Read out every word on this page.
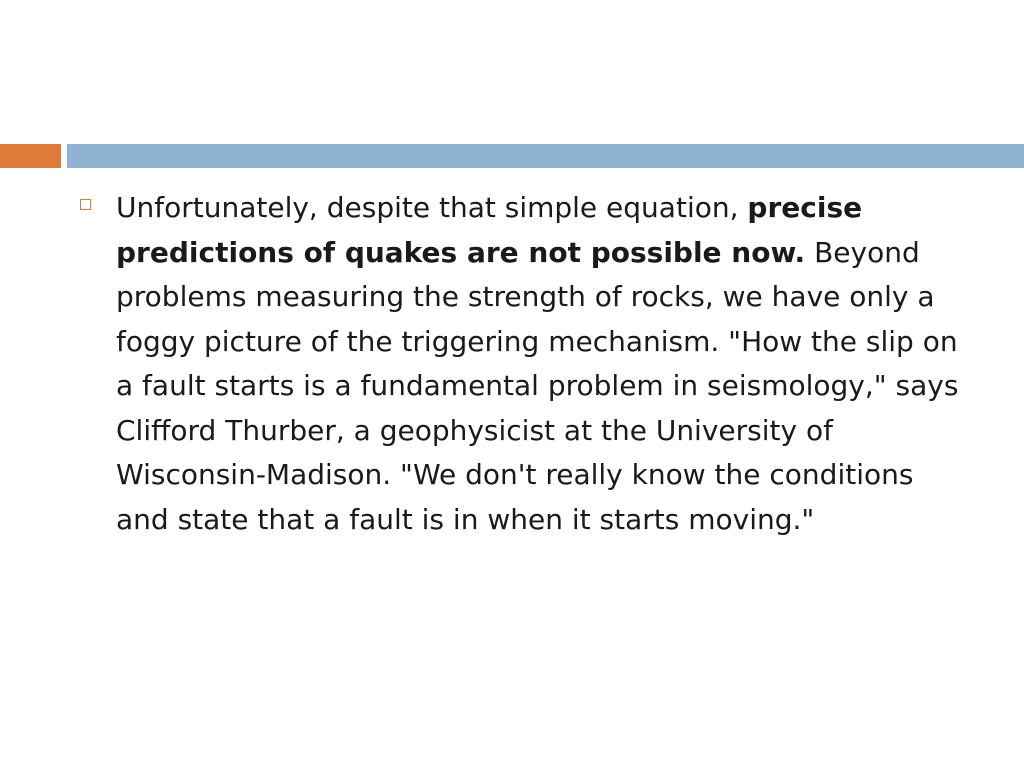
Unfortunately, despite that simple equation, precise predictions of quakes are not possible now. Beyond problems measuring the strength of rocks, we have only a foggy picture of the triggering mechanism. "How the slip on a fault starts is a fundamental problem in seismology," says Clifford Thurber, a geophysicist at the University of Wisconsin-Madison. "We don't really know the conditions and state that a fault is in when it starts moving."
